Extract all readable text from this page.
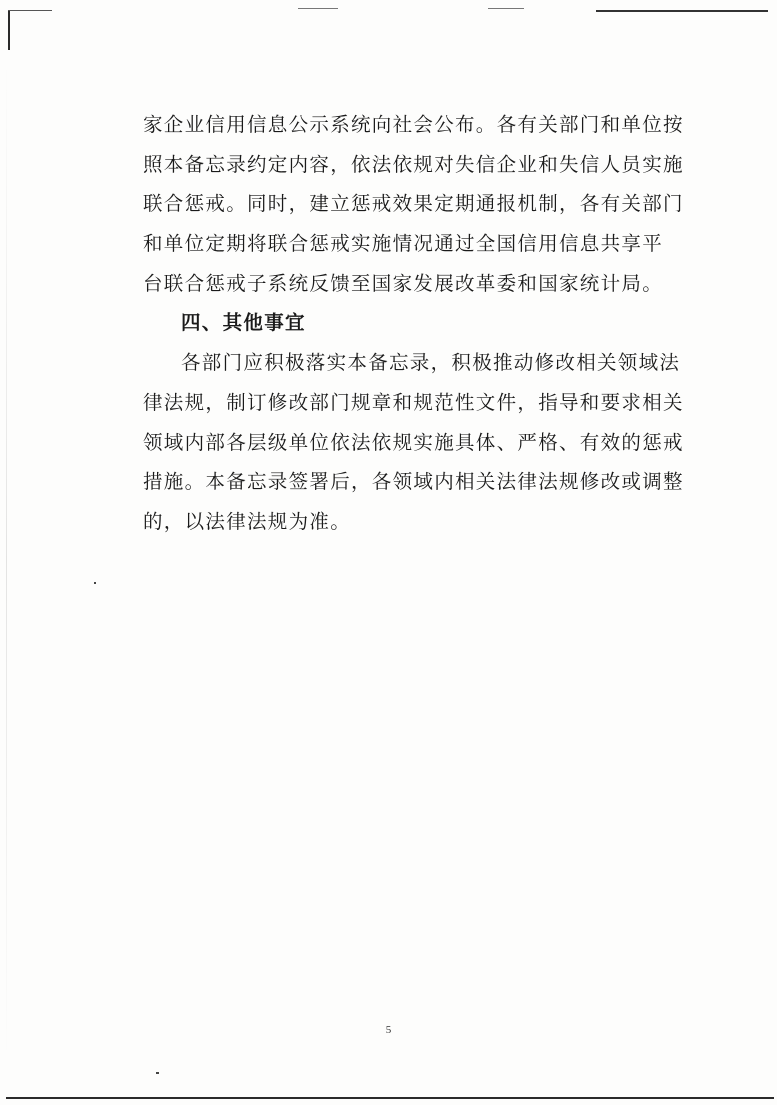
家企业信用信息公示系统向社会公布。各有关部门和单位按
照本备忘录约定内容，依法依规对失信企业和失信人员实施
联合惩戒。同时，建立惩戒效果定期通报机制，各有关部门
和单位定期将联合惩戒实施情况通过全国信用信息共享平
台联合惩戒子系统反馈至国家发展改革委和国家统计局。
四、其他事宜
各部门应积极落实本备忘录，积极推动修改相关领域法
律法规，制订修改部门规章和规范性文件，指导和要求相关
领域内部各层级单位依法依规实施具体、严格、有效的惩戒
措施。本备忘录签署后，各领域内相关法律法规修改或调整
的，以法律法规为准。
5
